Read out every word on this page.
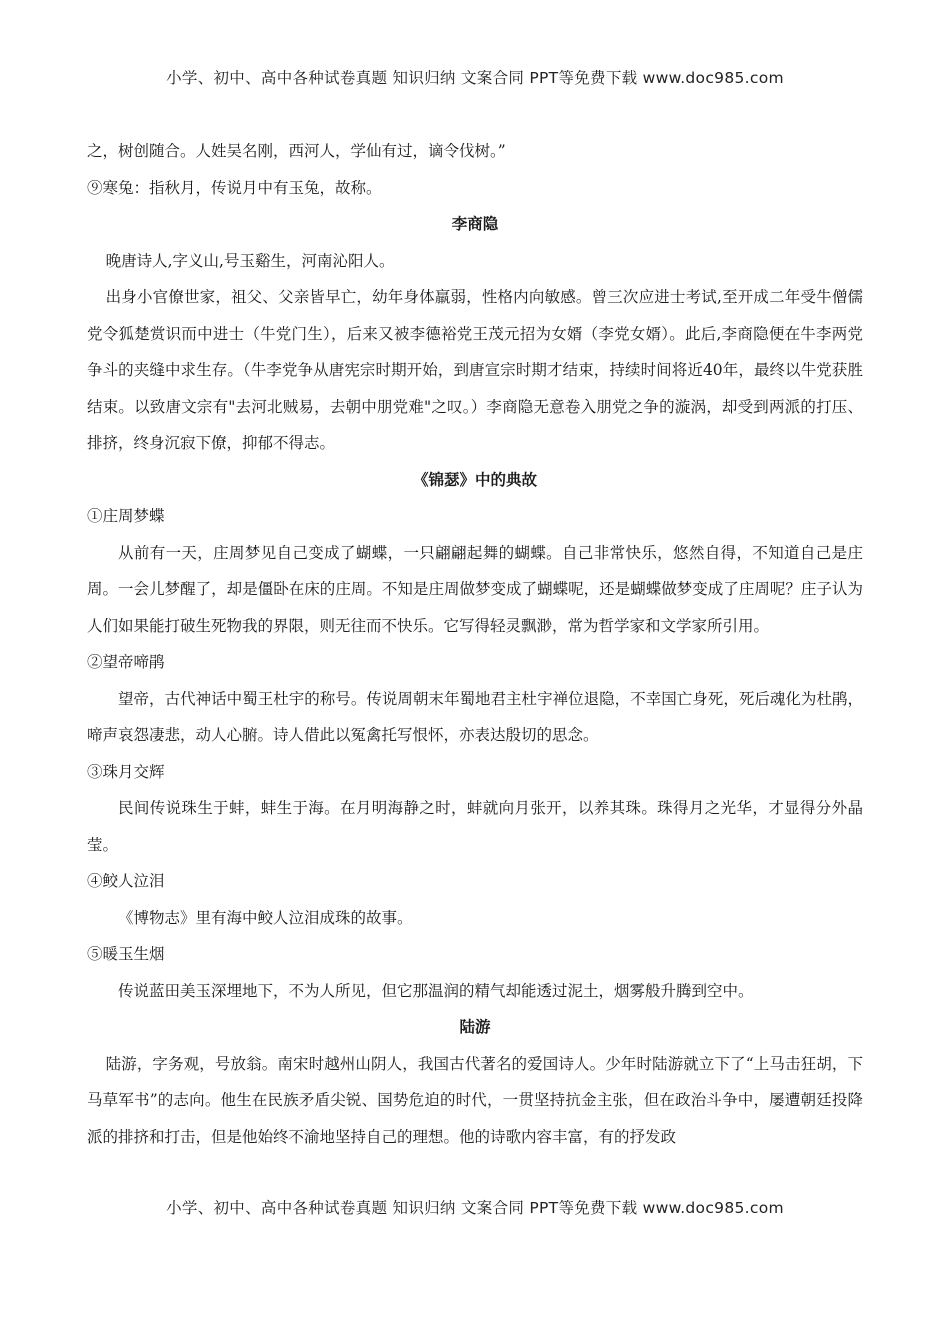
小学、初中、高中各种试卷真题 知识归纳 文案合同 PPT等免费下载 www.doc985.com

之，树创随合。人姓吴名刚，西河人，学仙有过，谪令伐树。”

⑨寒兔：指秋月，传说月中有玉兔，故称。

李商隐

晚唐诗人,字义山,号玉谿生，河南沁阳人。

出身小官僚世家，祖父、父亲皆早亡，幼年身体羸弱，性格内向敏感。曾三次应进士考试,至开成二年受牛僧儒党令狐楚赏识而中进士（牛党门生），后来又被李德裕党王茂元招为女婿（李党女婿）。此后,李商隐便在牛李两党争斗的夹缝中求生存。（牛李党争从唐宪宗时期开始，到唐宣宗时期才结束，持续时间将近40年，最终以牛党获胜结束。以致唐文宗有"去河北贼易，去朝中朋党难"之叹。）李商隐无意卷入朋党之争的漩涡，却受到两派的打压、排挤，终身沉寂下僚，抑郁不得志。

《锦瑟》中的典故

①庄周梦蝶

从前有一天，庄周梦见自己变成了蝴蝶，一只翩翩起舞的蝴蝶。自己非常快乐，悠然自得，不知道自己是庄周。一会儿梦醒了，却是僵卧在床的庄周。不知是庄周做梦变成了蝴蝶呢，还是蝴蝶做梦变成了庄周呢？庄子认为人们如果能打破生死物我的界限，则无往而不快乐。它写得轻灵飘渺，常为哲学家和文学家所引用。

②望帝啼鹃

望帝，古代神话中蜀王杜宇的称号。传说周朝末年蜀地君主杜宇禅位退隐，不幸国亡身死，死后魂化为杜鹃，啼声哀怨凄悲，动人心腑。诗人借此以冤禽托写恨怀，亦表达殷切的思念。

③珠月交辉

民间传说珠生于蚌，蚌生于海。在月明海静之时，蚌就向月张开，以养其珠。珠得月之光华，才显得分外晶莹。

④鲛人泣泪

《博物志》里有海中鲛人泣泪成珠的故事。

⑤暖玉生烟

传说蓝田美玉深埋地下，不为人所见，但它那温润的精气却能透过泥土，烟雾般升腾到空中。

陆游

陆游，字务观，号放翁。南宋时越州山阴人，我国古代著名的爱国诗人。少年时陆游就立下了“上马击狂胡，下马草军书”的志向。他生在民族矛盾尖锐、国势危迫的时代，一贯坚持抗金主张，但在政治斗争中，屡遭朝廷投降派的排挤和打击，但是他始终不渝地坚持自己的理想。他的诗歌内容丰富，有的抒发政

小学、初中、高中各种试卷真题 知识归纳 文案合同 PPT等免费下载 www.doc985.com
